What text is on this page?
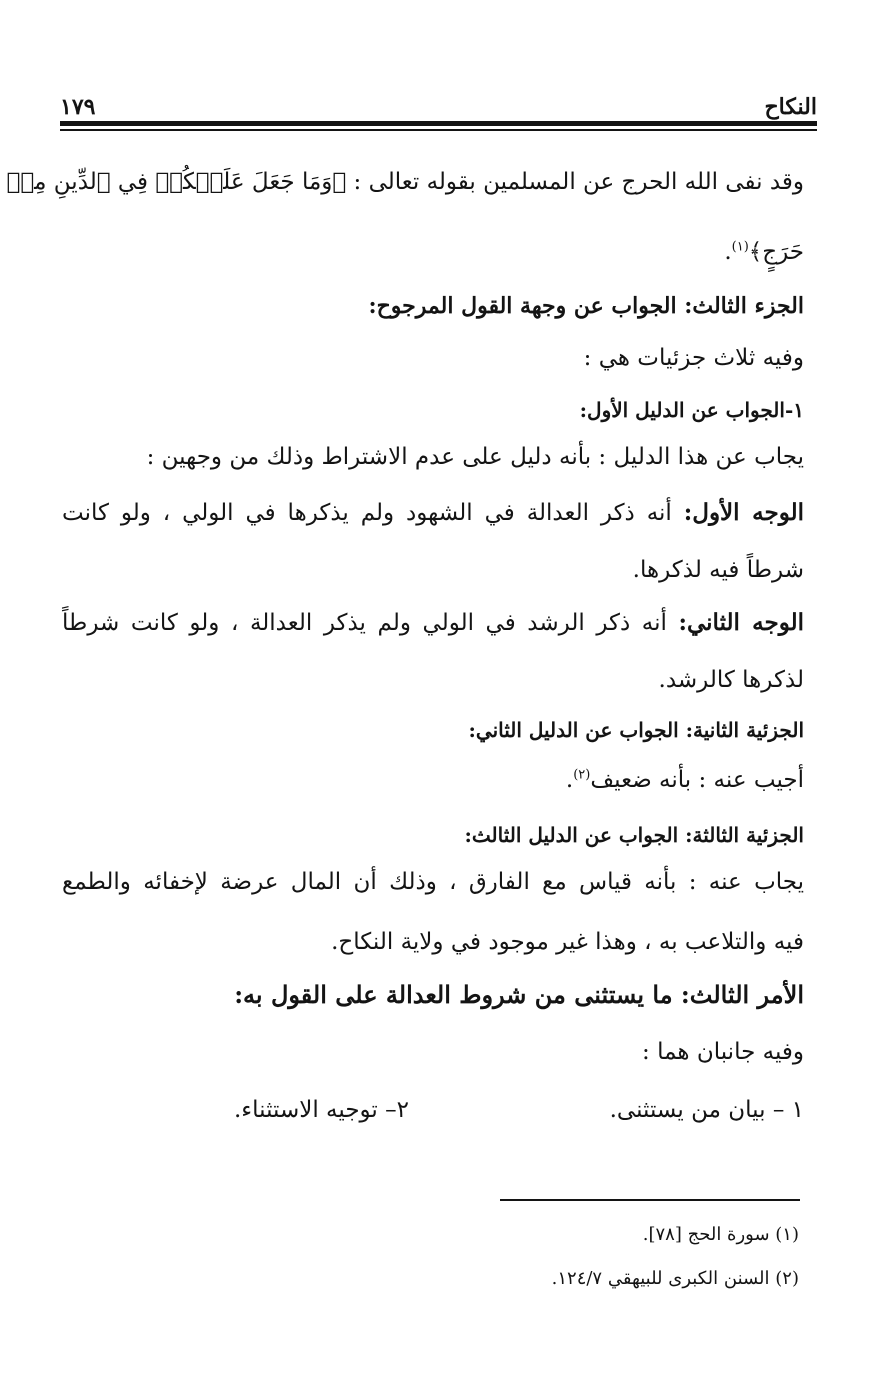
النكاح
١٧٩
وقد نفى الله الحرج عن المسلمين بقوله تعالى : ﴿وَمَا جَعَلَ عَلَيۡكُمۡ فِي ٱلدِّينِ مِنۡ
حَرَجٍ﴾$^{(١)}$.
الجزء الثالث: الجواب عن وجهة القول المرجوح:
وفيه ثلاث جزئيات هي :
١-الجواب عن الدليل الأول:
يجاب عن هذا الدليل : بأنه دليل على عدم الاشتراط وذلك من وجهين :
الوجه الأول: أنه ذكر العدالة في الشهود ولم يذكرها في الولي ، ولو كانت
شرطاً فيه لذكرها.
الوجه الثاني: أنه ذكر الرشد في الولي ولم يذكر العدالة ، ولو كانت شرطاً
لذكرها كالرشد.
الجزئية الثانية: الجواب عن الدليل الثاني:
أجيب عنه : بأنه ضعيف$^{(٢)}$.
الجزئية الثالثة: الجواب عن الدليل الثالث:
يجاب عنه : بأنه قياس مع الفارق ، وذلك أن المال عرضة لإخفائه والطمع
فيه والتلاعب به ، وهذا غير موجود في ولاية النكاح.
الأمر الثالث: ما يستثنى من شروط العدالة على القول به:
وفيه جانبان هما :
١ – بيان من يستثنى.
٢– توجيه الاستثناء.
(١) سورة الحج [٧٨].
(٢) السنن الكبرى للبيهقي ١٢٤/٧.
